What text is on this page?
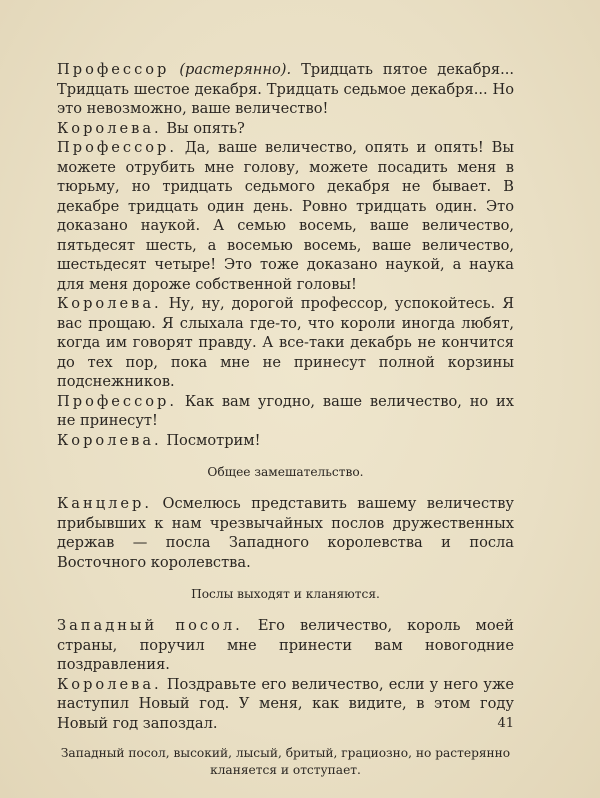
Профессор (растерянно). Тридцать пятое декабря... Тридцать шестое декабря. Тридцать седьмое декабря... Но это невозможно, ваше величество!

Королева. Вы опять?

Профессор. Да, ваше величество, опять и опять! Вы можете отрубить мне голову, можете посадить меня в тюрьму, но тридцать седьмого декабря не бывает. В декабре тридцать один день. Ровно тридцать один. Это доказано наукой. А семью восемь, ваше величество, пятьдесят шесть, а восемью восемь, ваше величество, шестьдесят четыре! Это тоже доказано наукой, а наука для меня дороже собственной головы!

Королева. Ну, ну, дорогой профессор, успокойтесь. Я вас прощаю. Я слыхала где-то, что короли иногда любят, когда им говорят правду. А все-таки декабрь не кончится до тех пор, пока мне не принесут полной корзины подснежников.

Профессор. Как вам угодно, ваше величество, но их не принесут!

Королева. Посмотрим!

Общее замешательство.

Канцлер. Осмелюсь представить вашему величеству прибывших к нам чрезвычайных послов дружественных держав — посла Западного королевства и посла Восточного королевства.

Послы выходят и кланяются.

Западный посол. Его величество, король моей страны, поручил мне принести вам новогодние поздравления.

Королева. Поздравьте его величество, если у него уже наступил Новый год. У меня, как видите, в этом году Новый год запоздал.

Западный посол, высокий, лысый, бритый, грациозно, но растерянно кланяется и отступает.

41
